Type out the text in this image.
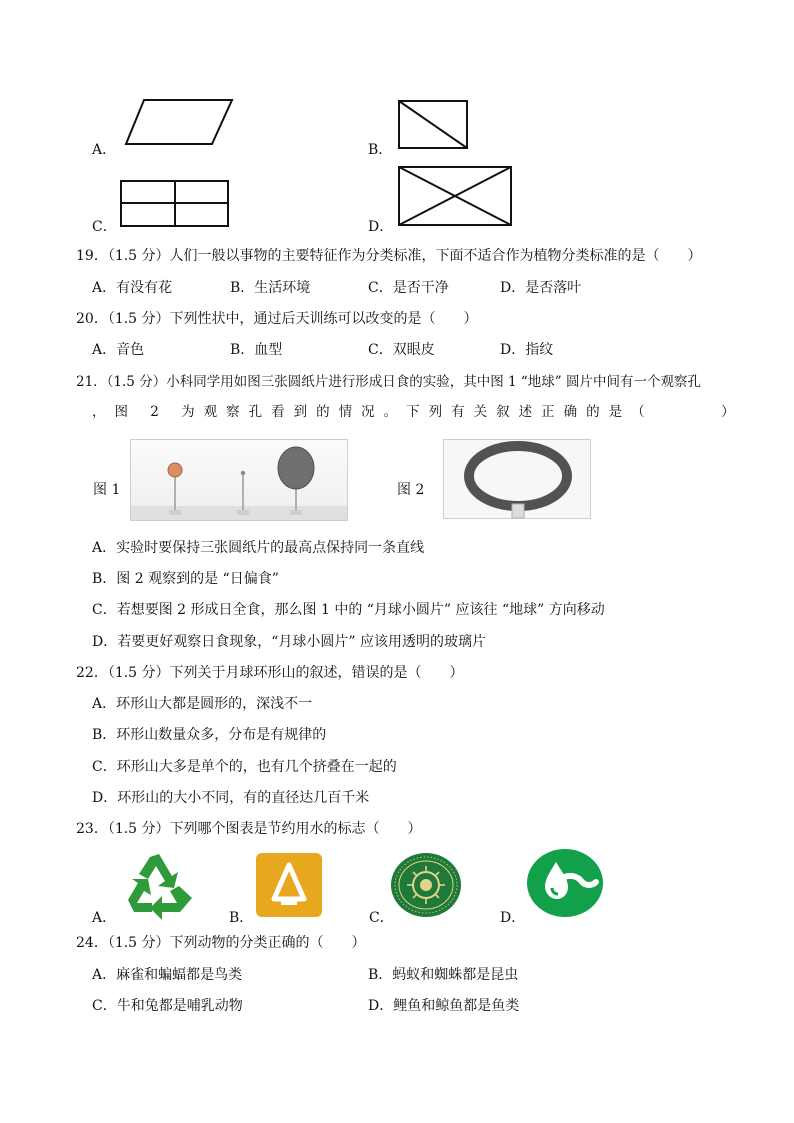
A．	B．
C．	D．
19．（1.5 分）人们一般以事物的主要特征作为分类标准，下面不适合作为植物分类标准的是（　　）
A．有没有花	B．生活环境	C．是否干净	D．是否落叶
20．（1.5 分）下列性状中，通过后天训练可以改变的是（　　）
A．音色	B．血型	C．双眼皮	D．指纹
21．（1.5 分）小科同学用如图三张圆纸片进行形成日食的实验，其中图 1 “地球” 圆片中间有一个观察孔
，图 2 为观察孔看到的情况。下列有关叙述正确的是（　　　）
图 1	图 2
A．实验时要保持三张圆纸片的最高点保持同一条直线
B．图 2 观察到的是 “日偏食”
C．若想要图 2 形成日全食，那么图 1 中的 “月球小圆片” 应该往 “地球” 方向移动
D．若要更好观察日食现象，“月球小圆片” 应该用透明的玻璃片
22．（1.5 分）下列关于月球环形山的叙述，错误的是（　　）
A．环形山大都是圆形的，深浅不一
B．环形山数量众多，分布是有规律的
C．环形山大多是单个的，也有几个挤叠在一起的
D．环形山的大小不同，有的直径达几百千米
23．（1.5 分）下列哪个图表是节约用水的标志（　　）
A．	B．	C．	D．
24．（1.5 分）下列动物的分类正确的（　　）
A．麻雀和蝙蝠都是鸟类	B．蚂蚁和蜘蛛都是昆虫
C．牛和兔都是哺乳动物	D．鲤鱼和鲸鱼都是鱼类
